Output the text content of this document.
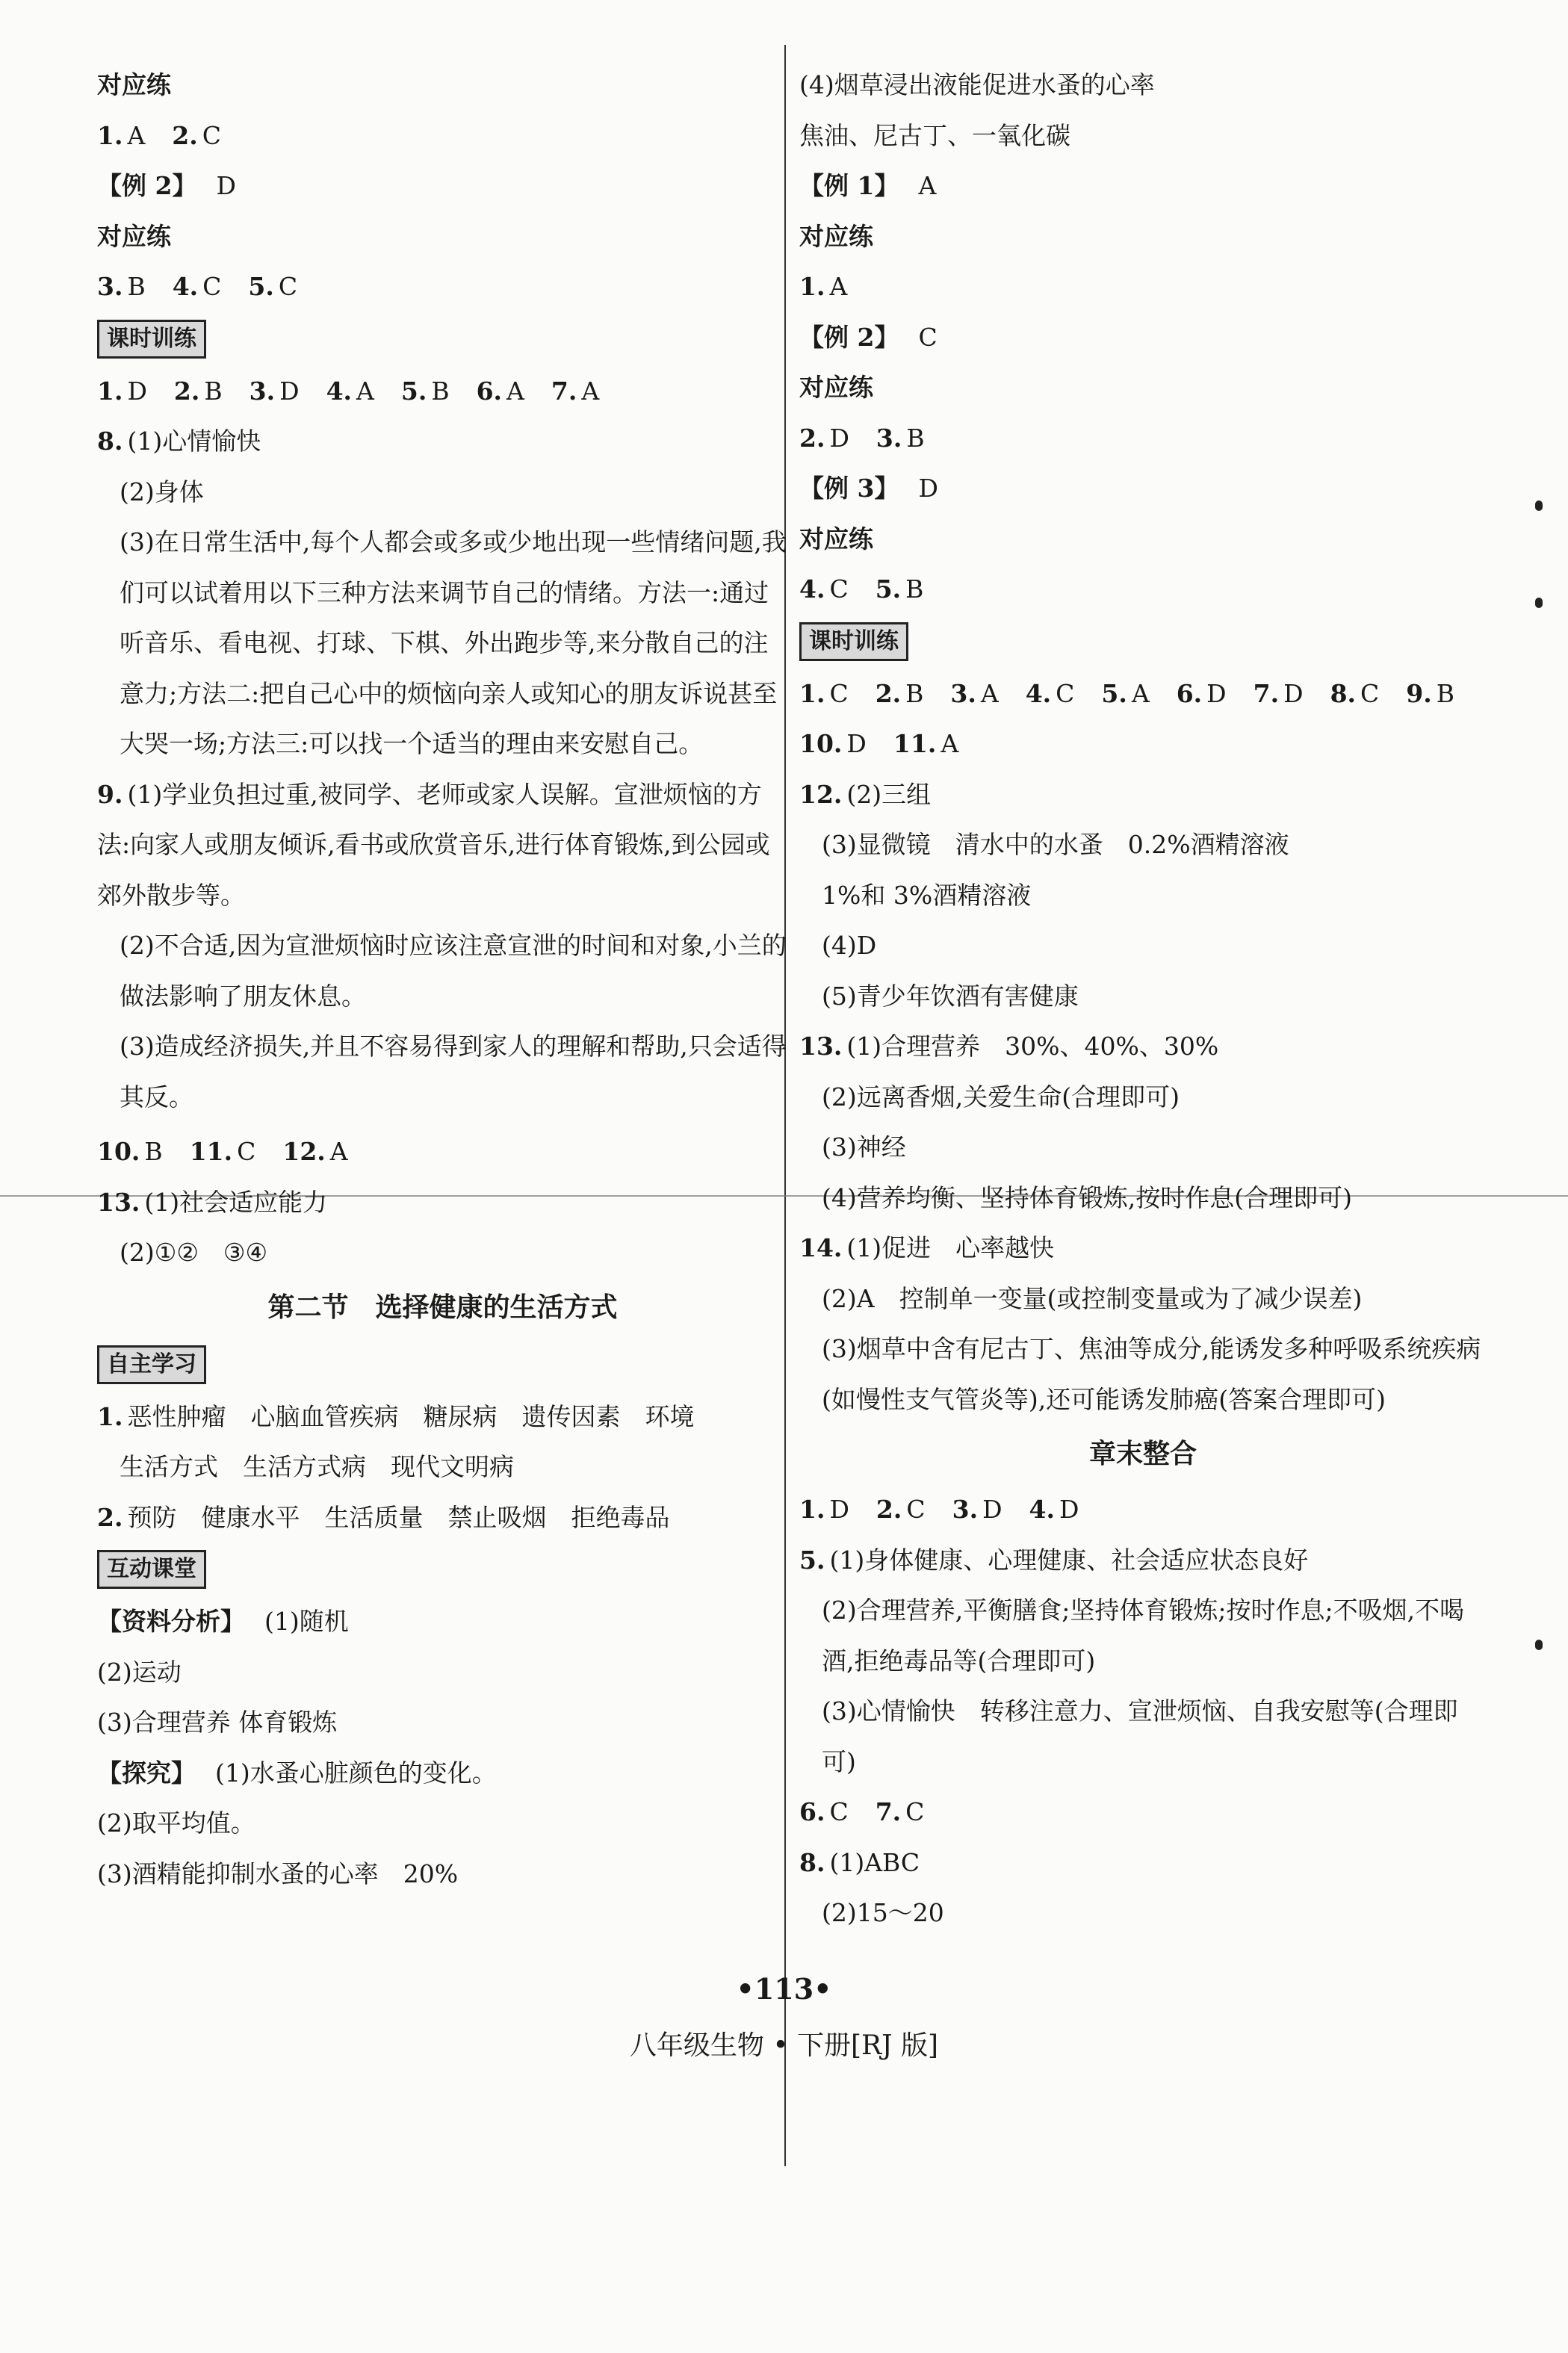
对应练
1. A 2. C
【例 2】 D
对应练
3. B 4. C 5. C
课时训练
1. D 2. B 3. D 4. A 5. B 6. A 7. A
8. (1)心情愉快
(2)身体
(3)在日常生活中,每个人都会或多或少地出现一些情绪问题,我们可以试着用以下三种方法来调节自己的情绪。方法一:通过听音乐、看电视、打球、下棋、外出跑步等,来分散自己的注意力;方法二:把自己心中的烦恼向亲人或知心的朋友诉说甚至大哭一场;方法三:可以找一个适当的理由来安慰自己。
9. (1)学业负担过重,被同学、老师或家人误解。宣泄烦恼的方法:向家人或朋友倾诉,看书或欣赏音乐,进行体育锻炼,到公园或郊外散步等。
(2)不合适,因为宣泄烦恼时应该注意宣泄的时间和对象,小兰的做法影响了朋友休息。
(3)造成经济损失,并且不容易得到家人的理解和帮助,只会适得其反。
10. B 11. C 12. A
13. (1)社会适应能力
(2)①②　③④
第二节　选择健康的生活方式
自主学习
1. 恶性肿瘤　心脑血管疾病　糖尿病　遗传因素　环境
生活方式　生活方式病　现代文明病
2. 预防　健康水平　生活质量　禁止吸烟　拒绝毒品
互动课堂
【资料分析】 (1)随机
(2)运动
(3)合理营养 体育锻炼
【探究】 (1)水蚤心脏颜色的变化。
(2)取平均值。
(3)酒精能抑制水蚤的心率　20%
(4)烟草浸出液能促进水蚤的心率
焦油、尼古丁、一氧化碳
【例 1】 A
对应练
1. A
【例 2】 C
对应练
2. D 3. B
【例 3】 D
对应练
4. C 5. B
课时训练
1. C 2. B 3. A 4. C 5. A 6. D 7. D 8. C 9. B
10. D 11. A
12. (2)三组
(3)显微镜　清水中的水蚤　0.2%酒精溶液
1%和 3%酒精溶液
(4)D
(5)青少年饮酒有害健康
13. (1)合理营养　30%、40%、30%
(2)远离香烟,关爱生命(合理即可)
(3)神经
(4)营养均衡、坚持体育锻炼,按时作息(合理即可)
14. (1)促进　心率越快
(2)A　控制单一变量(或控制变量或为了减少误差)
(3)烟草中含有尼古丁、焦油等成分,能诱发多种呼吸系统疾病(如慢性支气管炎等),还可能诱发肺癌(答案合理即可)
章末整合
1. D 2. C 3. D 4. D
5. (1)身体健康、心理健康、社会适应状态良好
(2)合理营养,平衡膳食;坚持体育锻炼;按时作息;不吸烟,不喝酒,拒绝毒品等(合理即可)
(3)心情愉快　转移注意力、宣泄烦恼、自我安慰等(合理即可)
6. C 7. C
8. (1)ABC
(2)15～20
•113•
八年级生物 • 下册[RJ 版]
